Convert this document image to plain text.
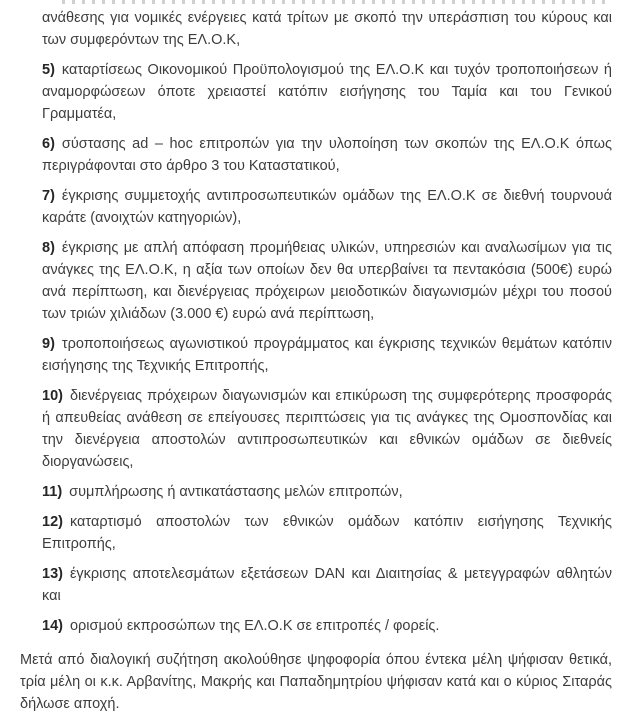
ανάθεσης για νομικές ενέργειες κατά τρίτων με σκοπό την υπεράσπιση του κύρους και των συμφερόντων της ΕΛ.Ο.Κ,

5) καταρτίσεως Οικονομικού Προϋπολογισμού της ΕΛ.Ο.Κ και τυχόν τροποποιήσεων ή αναμορφώσεων όποτε χρειαστεί κατόπιν εισήγησης του Ταμία και του Γενικού Γραμματέα,

6) σύστασης ad – hoc επιτροπών για την υλοποίηση των σκοπών της ΕΛ.Ο.Κ όπως περιγράφονται στο άρθρο 3 του Καταστατικού,

7) έγκρισης συμμετοχής αντιπροσωπευτικών ομάδων της ΕΛ.Ο.Κ σε διεθνή τουρνουά καράτε (ανοιχτών κατηγοριών),

8) έγκρισης με απλή απόφαση προμήθειας υλικών, υπηρεσιών και αναλωσίμων για τις ανάγκες της ΕΛ.Ο.Κ, η αξία των οποίων δεν θα υπερβαίνει τα πεντακόσια (500€) ευρώ ανά περίπτωση, και διενέργειας πρόχειρων μειοδοτικών διαγωνισμών μέχρι του ποσού των τριών χιλιάδων (3.000 €) ευρώ ανά περίπτωση,

9) τροποποιήσεως αγωνιστικού προγράμματος και έγκρισης τεχνικών θεμάτων κατόπιν εισήγησης της Τεχνικής Επιτροπής,

10) διενέργειας πρόχειρων διαγωνισμών και επικύρωση της συμφερότερης προσφοράς ή απευθείας ανάθεση σε επείγουσες περιπτώσεις για τις ανάγκες της Ομοσπονδίας και την διενέργεια αποστολών αντιπροσωπευτικών και εθνικών ομάδων σε διεθνείς διοργανώσεις,

11) συμπλήρωσης ή αντικατάστασης μελών επιτροπών,

12) καταρτισμό αποστολών των εθνικών ομάδων κατόπιν εισήγησης Τεχνικής Επιτροπής,

13) έγκρισης αποτελεσμάτων εξετάσεων DAN και Διαιτησίας & μετεγγραφών αθλητών και

14) ορισμού εκπροσώπων της ΕΛ.Ο.Κ σε επιτροπές / φορείς.

Μετά από διαλογική συζήτηση ακολούθησε ψηφοφορία όπου έντεκα μέλη ψήφισαν θετικά, τρία μέλη οι κ.κ. Αρβανίτης, Μακρής και Παπαδημητρίου ψήφισαν κατά και ο κύριος Σιταράς δήλωσε αποχή.
